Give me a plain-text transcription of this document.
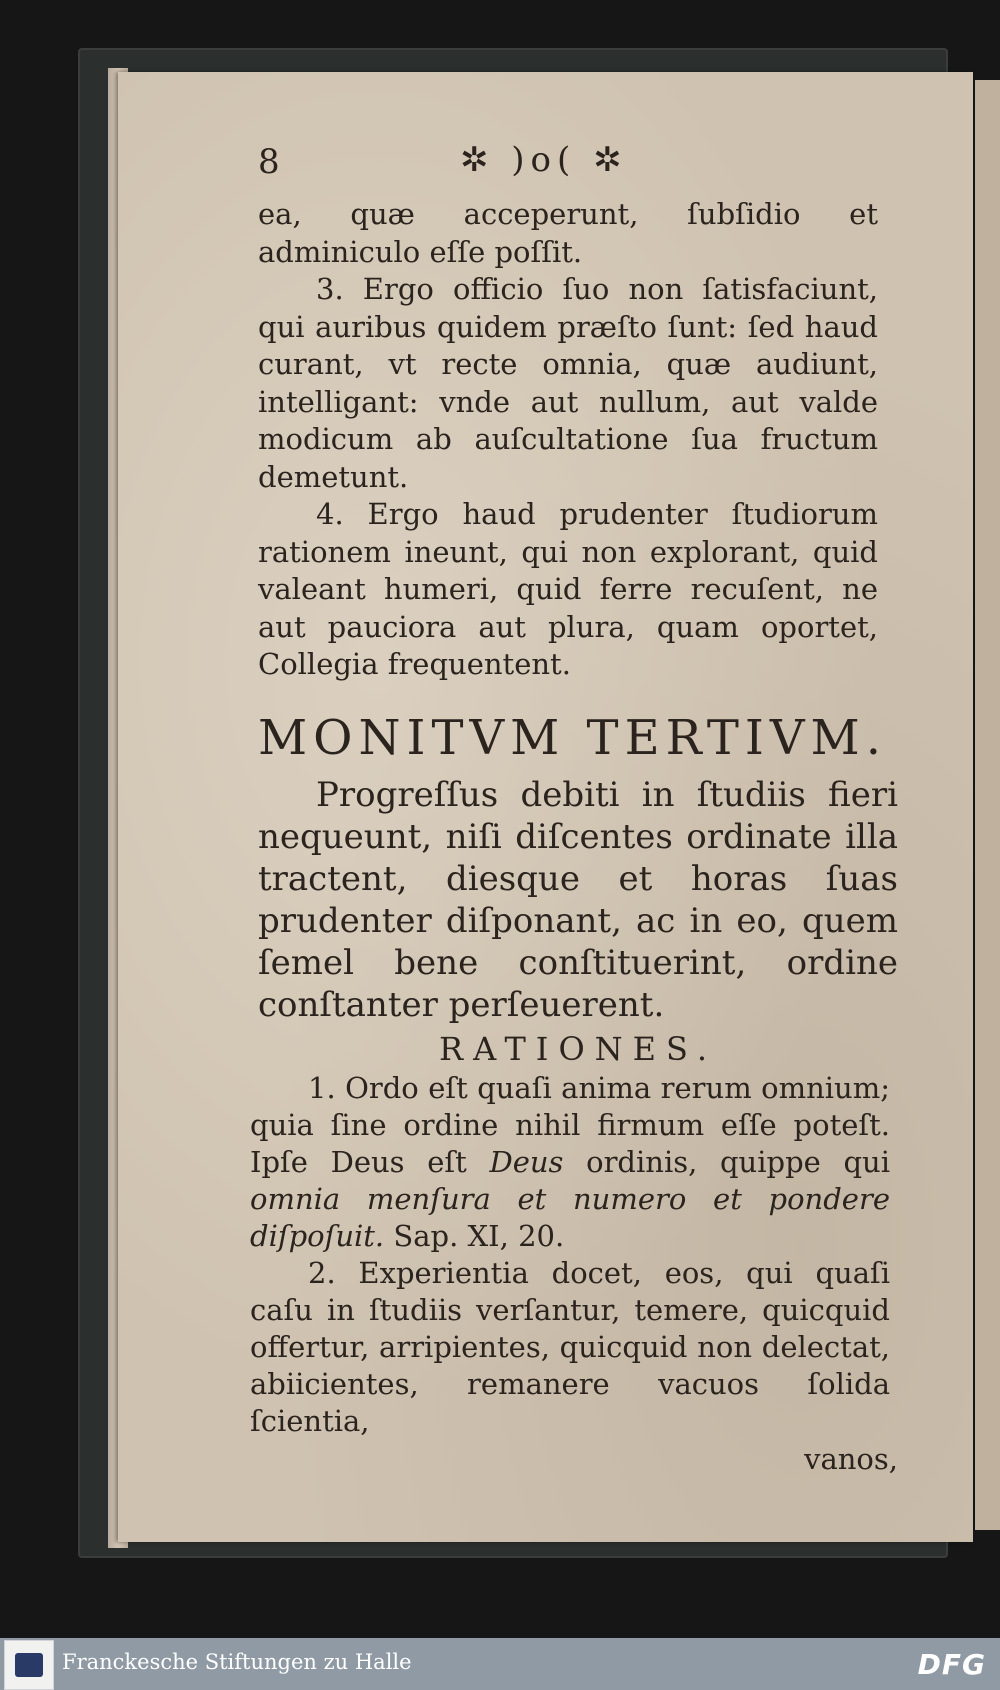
8	✲ )o( ✲

ea, quæ acceperunt, ſubſidio et adminiculo eſſe poſſit.

3. Ergo officio ſuo non ſatisfaciunt, qui auribus quidem præſto ſunt: ſed haud curant, vt recte omnia, quæ audiunt, intelligant: vnde aut nullum, aut valde modicum ab auſcultatione ſua fructum demetunt.

4. Ergo haud prudenter ſtudiorum rationem ineunt, qui non explorant, quid valeant humeri, quid ferre recuſent, ne aut pauciora aut plura, quam oportet, Collegia frequentent.

MONITVM TERTIVM.

Progreſſus debiti in ſtudiis fieri nequeunt, niſi diſcentes ordinate illa tractent, diesque et horas ſuas prudenter diſponant, ac in eo, quem ſemel bene conſtituerint, ordine conſtanter perſeuerent.

RATIONES.

1. Ordo eſt quaſi anima rerum omnium; quia ſine ordine nihil firmum eſſe poteſt. Ipſe Deus eſt Deus ordinis, quippe qui omnia menſura et numero et pondere diſpoſuit. Sap. XI, 20.

2. Experientia docet, eos, qui quaſi caſu in ſtudiis verſantur, temere, quicquid offertur, arripientes, quicquid non delectat, abiicientes, remanere vacuos ſolida ſcientia,

vanos,
Franckesche Stiftungen zu Halle	DFG
